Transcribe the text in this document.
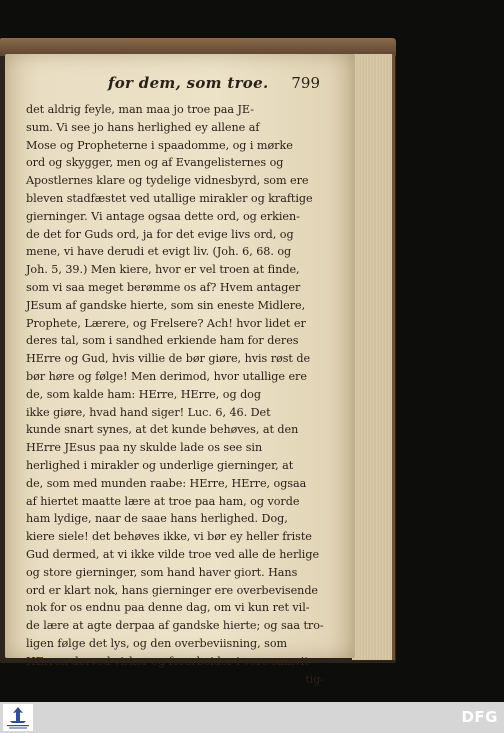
for dem, som troe. 799
det aldrig feyle, man maa jo troe paa JE-
sum. Vi see jo hans herlighed ey allene af
Mose og Propheterne i spaadomme, og i mørke
ord og skygger, men og af Evangelisternes og
Apostlernes klare og tydelige vidnesbyrd, som ere
bleven stadfæstet ved utallige mirakler og kraftige
gierninger. Vi antage ogsaa dette ord, og erkien-
de det for Guds ord, ja for det evige livs ord, og
mene, vi have derudi et evigt liv. (Joh. 6, 68. og
Joh. 5, 39.) Men kiere, hvor er vel troen at finde,
som vi saa meget berømme os af? Hvem antager
JEsum af gandske hierte, som sin eneste Midlere,
Prophete, Lærere, og Frelsere? Ach! hvor lidet er
deres tal, som i sandhed erkiende ham for deres
HErre og Gud, hvis villie de bør giøre, hvis røst de
bør høre og følge! Men derimod, hvor utallige ere
de, som kalde ham: HErre, HErre, og dog
ikke giøre, hvad hand siger! Luc. 6, 46. Det
kunde snart synes, at det kunde behøves, at den
HErre JEsus paa ny skulde lade os see sin
herlighed i mirakler og underlige gierninger, at
de, som med munden raabe: HErre, HErre, ogsaa
af hiertet maatte lære at troe paa ham, og vorde
ham lydige, naar de saae hans herlighed. Dog,
kiere siele! det behøves ikke, vi bør ey heller friste
Gud dermed, at vi ikke vilde troe ved alle de herlige
og store gierninger, som hand haver giort. Hans
ord er klart nok, hans gierninger ere overbevisende
nok for os endnu paa denne dag, om vi kun ret vil-
de lære at agte derpaa af gandske hierte; og saa tro-
ligen følge det lys, og den overbeviisning, som
HErren derved virker og forarbeider i vore samvit-
tig-
DFG
